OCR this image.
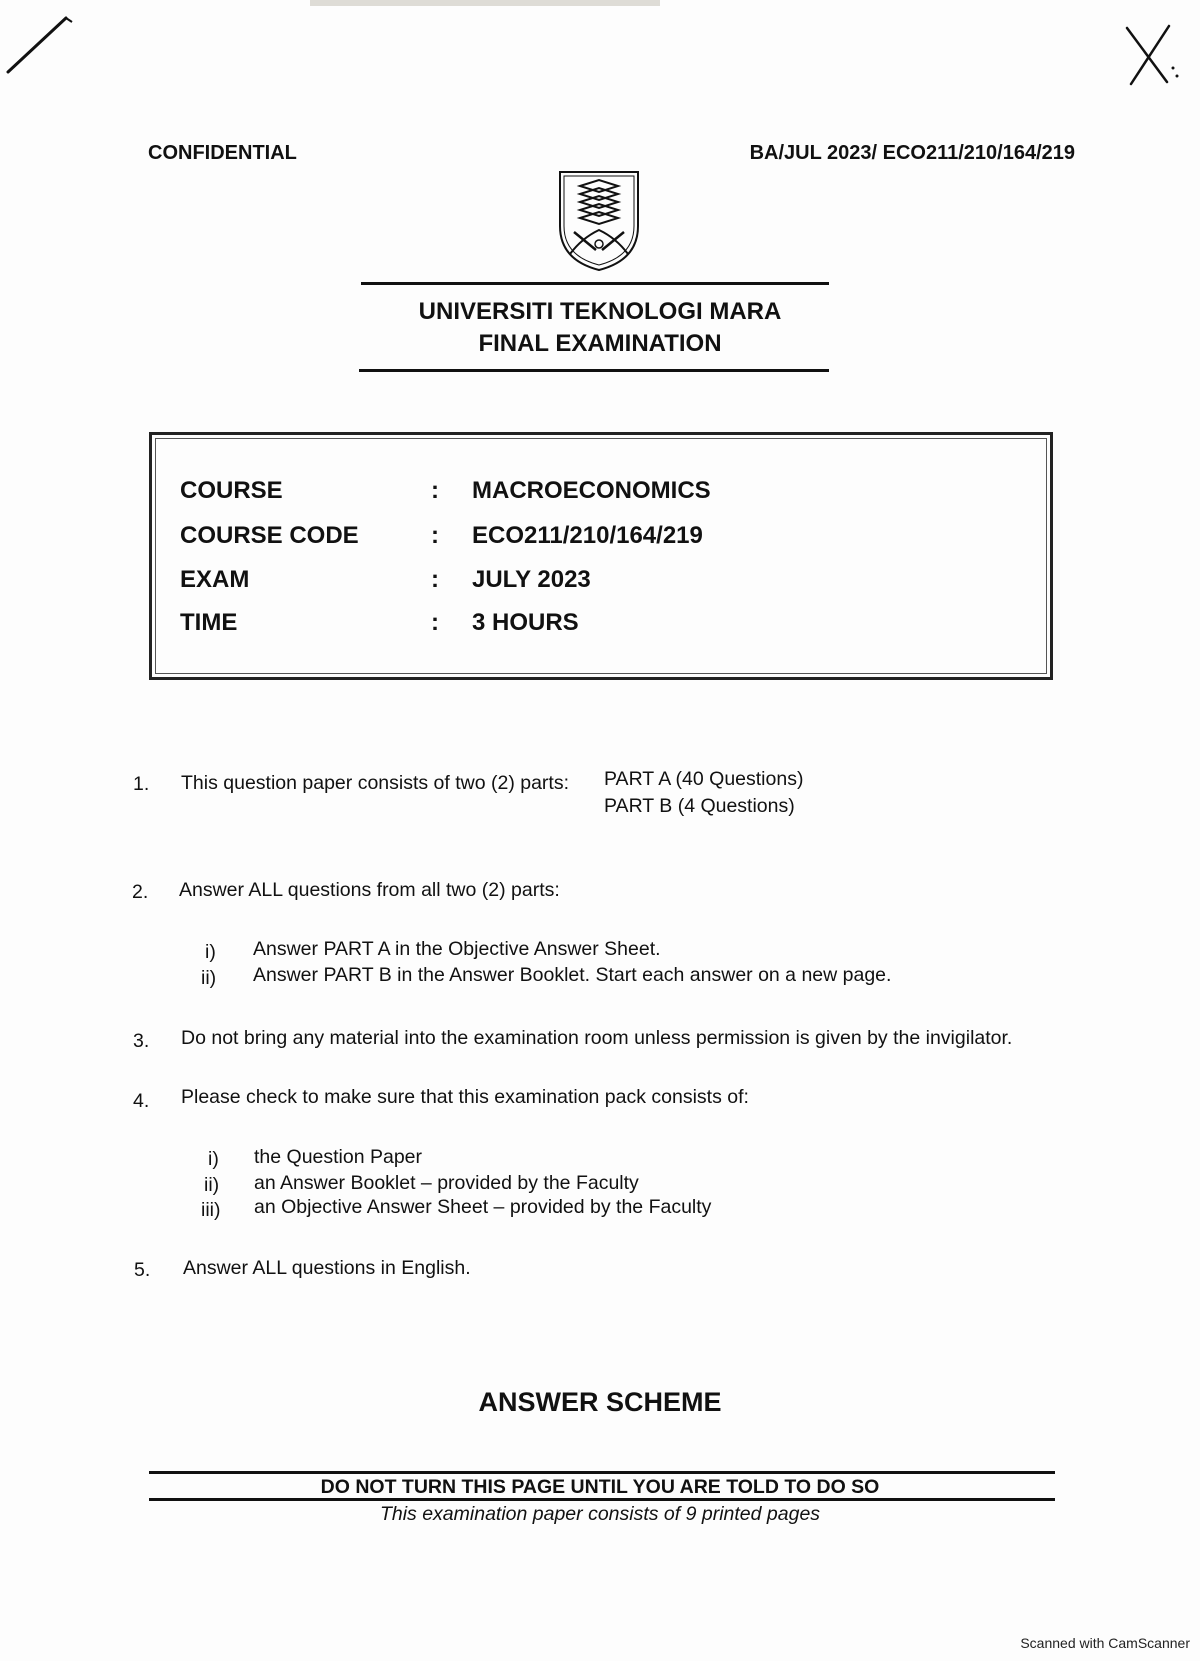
CONFIDENTIAL	BA/JUL 2023/ ECO211/210/164/219
UNIVERSITI TEKNOLOGI MARA
FINAL EXAMINATION
COURSE	: MACROECONOMICS
COURSE CODE	: ECO211/210/164/219
EXAM	: JULY 2023
TIME	: 3 HOURS
1. This question paper consists of two (2) parts: PART A (40 Questions)
PART B (4 Questions)
2. Answer ALL questions from all two (2) parts:
i) Answer PART A in the Objective Answer Sheet.
ii) Answer PART B in the Answer Booklet. Start each answer on a new page.
3. Do not bring any material into the examination room unless permission is given by the invigilator.
4. Please check to make sure that this examination pack consists of:
i) the Question Paper
ii) an Answer Booklet – provided by the Faculty
iii) an Objective Answer Sheet – provided by the Faculty
5. Answer ALL questions in English.
ANSWER SCHEME
DO NOT TURN THIS PAGE UNTIL YOU ARE TOLD TO DO SO
This examination paper consists of 9 printed pages
Scanned with CamScanner
